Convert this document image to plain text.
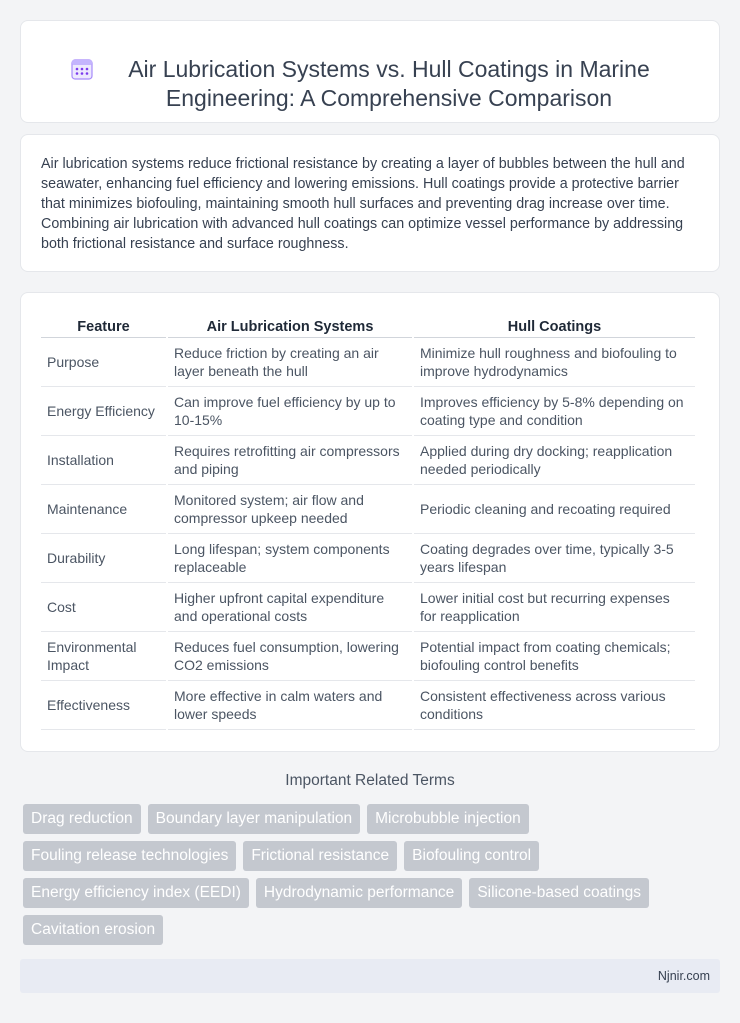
Air Lubrication Systems vs. Hull Coatings in Marine Engineering: A Comprehensive Comparison

Air lubrication systems reduce frictional resistance by creating a layer of bubbles between the hull and seawater, enhancing fuel efficiency and lowering emissions. Hull coatings provide a protective barrier that minimizes biofouling, maintaining smooth hull surfaces and preventing drag increase over time. Combining air lubrication with advanced hull coatings can optimize vessel performance by addressing both frictional resistance and surface roughness.

Feature	Air Lubrication Systems	Hull Coatings
Purpose	Reduce friction by creating an air layer beneath the hull	Minimize hull roughness and biofouling to improve hydrodynamics
Energy Efficiency	Can improve fuel efficiency by up to 10-15%	Improves efficiency by 5-8% depending on coating type and condition
Installation	Requires retrofitting air compressors and piping	Applied during dry docking; reapplication needed periodically
Maintenance	Monitored system; air flow and compressor upkeep needed	Periodic cleaning and recoating required
Durability	Long lifespan; system components replaceable	Coating degrades over time, typically 3-5 years lifespan
Cost	Higher upfront capital expenditure and operational costs	Lower initial cost but recurring expenses for reapplication
Environmental Impact	Reduces fuel consumption, lowering CO2 emissions	Potential impact from coating chemicals; biofouling control benefits
Effectiveness	More effective in calm waters and lower speeds	Consistent effectiveness across various conditions
Important Related Terms
Drag reduction	Boundary layer manipulation	Microbubble injection
Fouling release technologies	Frictional resistance	Biofouling control
Energy efficiency index (EEDI)	Hydrodynamic performance	Silicone-based coatings
Cavitation erosion
Njnir.com
